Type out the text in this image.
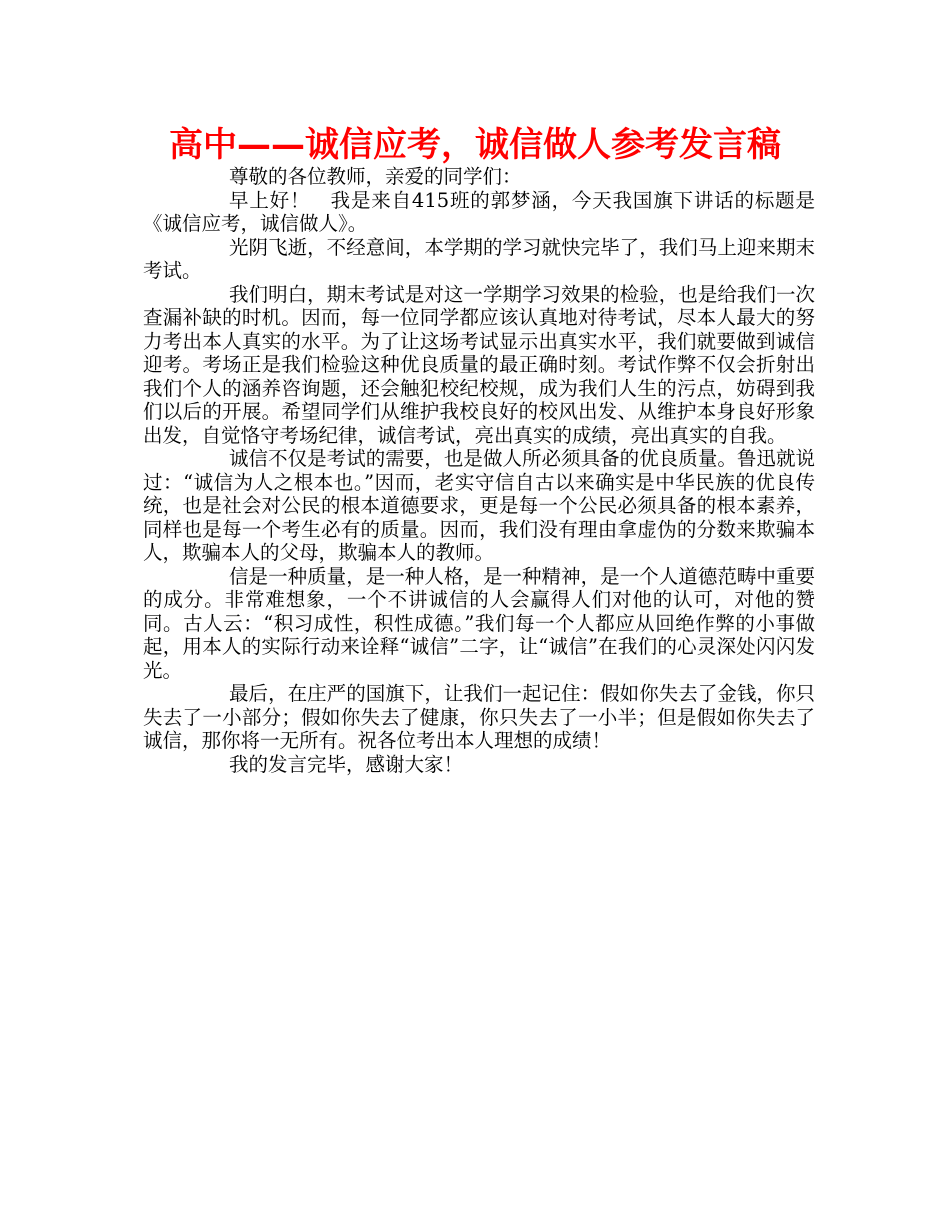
高中——诚信应考，诚信做人参考发言稿

尊敬的各位教师，亲爱的同学们：

早上好！　我是来自415班的郭梦涵，今天我国旗下讲话的标题是《诚信应考，诚信做人》。

光阴飞逝，不经意间，本学期的学习就快完毕了，我们马上迎来期末考试。

我们明白，期末考试是对这一学期学习效果的检验，也是给我们一次查漏补缺的时机。因而，每一位同学都应该认真地对待考试，尽本人最大的努力考出本人真实的水平。为了让这场考试显示出真实水平，我们就要做到诚信迎考。考场正是我们检验这种优良质量的最正确时刻。考试作弊不仅会折射出我们个人的涵养咨询题，还会触犯校纪校规，成为我们人生的污点，妨碍到我们以后的开展。希望同学们从维护我校良好的校风出发、从维护本身良好形象出发，自觉恪守考场纪律，诚信考试，亮出真实的成绩，亮出真实的自我。

诚信不仅是考试的需要，也是做人所必须具备的优良质量。鲁迅就说过：“诚信为人之根本也。”因而，老实守信自古以来确实是中华民族的优良传统，也是社会对公民的根本道德要求，更是每一个公民必须具备的根本素养，同样也是每一个考生必有的质量。因而，我们没有理由拿虚伪的分数来欺骗本人，欺骗本人的父母，欺骗本人的教师。

信是一种质量，是一种人格，是一种精神，是一个人道德范畴中重要的成分。非常难想象，一个不讲诚信的人会赢得人们对他的认可，对他的赞同。古人云：“积习成性，积性成德。”我们每一个人都应从回绝作弊的小事做起，用本人的实际行动来诠释“诚信”二字，让“诚信”在我们的心灵深处闪闪发光。

最后，在庄严的国旗下，让我们一起记住：假如你失去了金钱，你只失去了一小部分；假如你失去了健康，你只失去了一小半；但是假如你失去了诚信，那你将一无所有。祝各位考出本人理想的成绩！

我的发言完毕，感谢大家！
